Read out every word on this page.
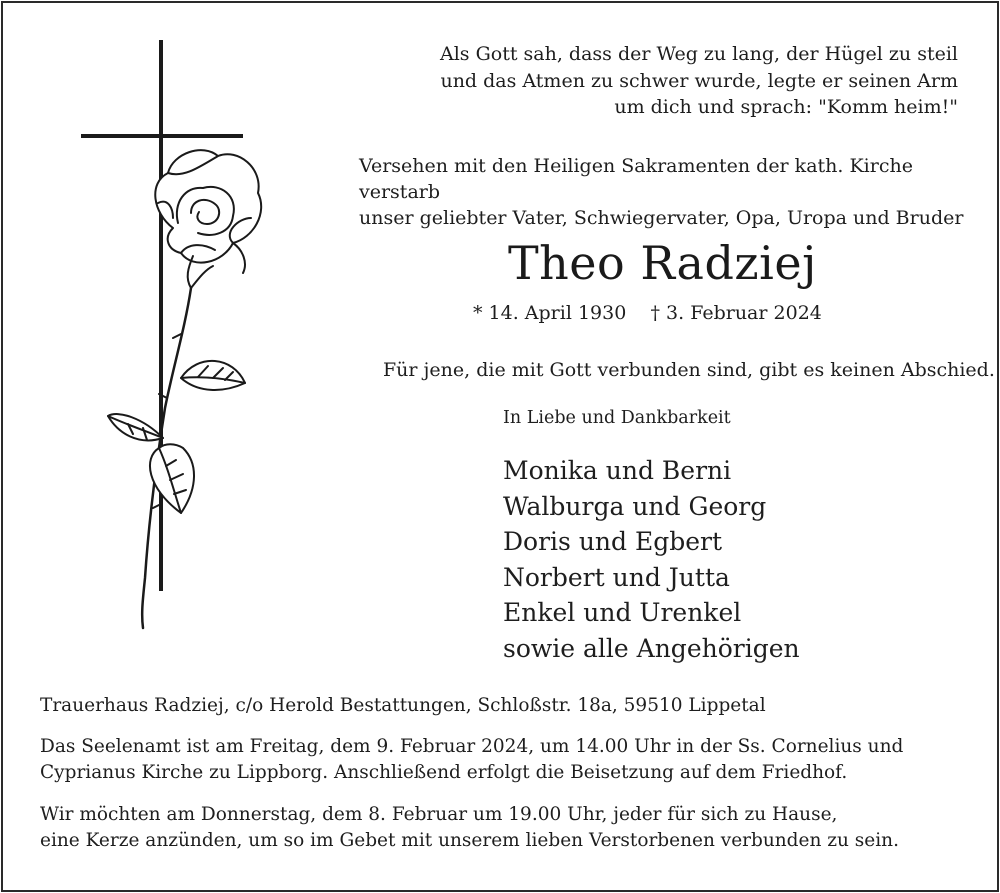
Als Gott sah, dass der Weg zu lang, der Hügel zu steil
und das Atmen zu schwer wurde, legte er seinen Arm
um dich und sprach: "Komm heim!"
Versehen mit den Heiligen Sakramenten der kath. Kirche verstarb
unser geliebter Vater, Schwiegervater, Opa, Uropa und Bruder
Theo Radziej
* 14. April 1930 † 3. Februar 2024
Für jene, die mit Gott verbunden sind, gibt es keinen Abschied.
In Liebe und Dankbarkeit
Monika und Berni
Walburga und Georg
Doris und Egbert
Norbert und Jutta
Enkel und Urenkel
sowie alle Angehörigen
Trauerhaus Radziej, c/o Herold Bestattungen, Schloßstr. 18a, 59510 Lippetal
Das Seelenamt ist am Freitag, dem 9. Februar 2024, um 14.00 Uhr in der Ss. Cornelius und
Cyprianus Kirche zu Lippborg. Anschließend erfolgt die Beisetzung auf dem Friedhof.
Wir möchten am Donnerstag, dem 8. Februar um 19.00 Uhr, jeder für sich zu Hause,
eine Kerze anzünden, um so im Gebet mit unserem lieben Verstorbenen verbunden zu sein.
